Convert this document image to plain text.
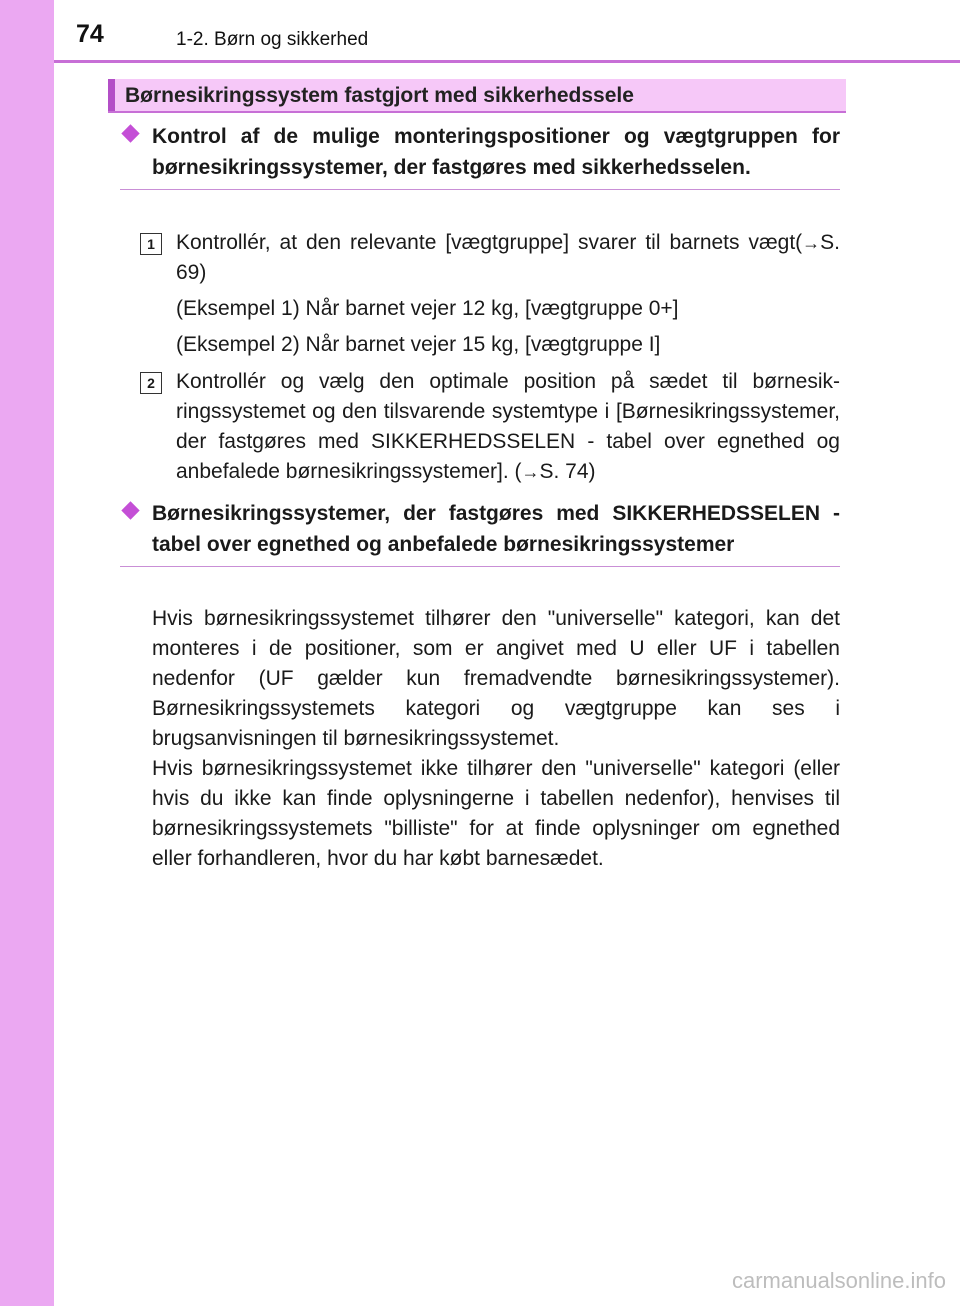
74	1-2. Børn og sikkerhed
Børnesikringssystem fastgjort med sikkerhedssele
Kontrol af de mulige monteringspositioner og vægtgruppen for børnesikringssystemer, der fastgøres med sikkerhedsselen.
1	Kontrollér, at den relevante [vægtgruppe] svarer til barnets vægt(→S. 69)
(Eksempel 1) Når barnet vejer 12 kg, [vægtgruppe 0+]
(Eksempel 2) Når barnet vejer 15 kg, [vægtgruppe I]
2	Kontrollér og vælg den optimale position på sædet til børnesikringssystemet og den tilsvarende systemtype i [Børnesikringssystemer, der fastgøres med SIKKERHEDSSELEN - tabel over egnethed og anbefalede børnesikringssystemer]. (→S. 74)
Børnesikringssystemer, der fastgøres med SIKKERHEDSSELEN - tabel over egnethed og anbefalede børnesikringssystemer
Hvis børnesikringssystemet tilhører den "universelle" kategori, kan det monteres i de positioner, som er angivet med U eller UF i tabellen nedenfor (UF gælder kun fremadvendte børnesikringssystemer). Børnesikringssystemets kategori og vægtgruppe kan ses i brugsanvisningen til børnesikringssystemet.
Hvis børnesikringssystemet ikke tilhører den "universelle" kategori (eller hvis du ikke kan finde oplysningerne i tabellen nedenfor), henvises til børnesikringssystemets "billiste" for at finde oplysninger om egnethed eller forhandleren, hvor du har købt barnesædet.
carmanualsonline.info
